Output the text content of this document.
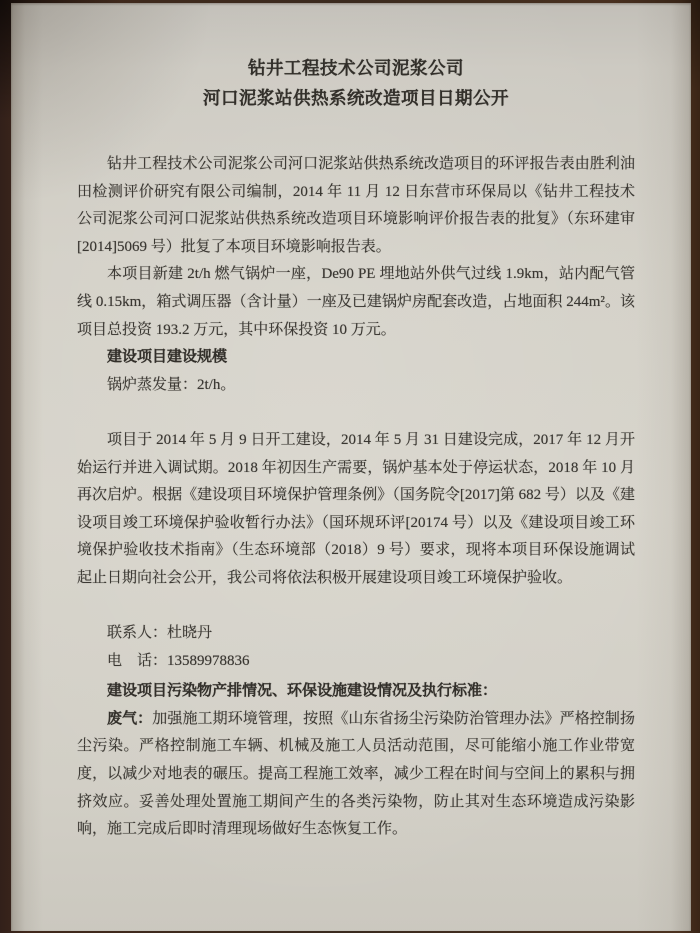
钻井工程技术公司泥浆公司
河口泥浆站供热系统改造项目日期公开
钻井工程技术公司泥浆公司河口泥浆站供热系统改造项目的环评报告表由胜利油田检测评价研究有限公司编制，2014 年 11 月 12 日东营市环保局以《钻井工程技术公司泥浆公司河口泥浆站供热系统改造项目环境影响评价报告表的批复》（东环建审[2014]5069 号）批复了本项目环境影响报告表。
本项目新建 2t/h 燃气锅炉一座，De90 PE 埋地站外供气过线 1.9km，站内配气管线 0.15km，箱式调压器（含计量）一座及已建锅炉房配套改造，占地面积 244m²。该项目总投资 193.2 万元，其中环保投资 10 万元。
建设项目建设规模
锅炉蒸发量：2t/h。
项目于 2014 年 5 月 9 日开工建设，2014 年 5 月 31 日建设完成，2017 年 12 月开始运行并进入调试期。2018 年初因生产需要，锅炉基本处于停运状态，2018 年 10 月再次启炉。根据《建设项目环境保护管理条例》（国务院令[2017]第 682 号）以及《建设项目竣工环境保护验收暂行办法》（国环规环评[20174 号）以及《建设项目竣工环境保护验收技术指南》（生态环境部（2018）9 号）要求，现将本项目环保设施调试起止日期向社会公开，我公司将依法积极开展建设项目竣工环境保护验收。
联系人：杜晓丹
电　话：13589978836
建设项目污染物产排情况、环保设施建设情况及执行标准：
废气：加强施工期环境管理，按照《山东省扬尘污染防治管理办法》严格控制扬尘污染。严格控制施工车辆、机械及施工人员活动范围，尽可能缩小施工作业带宽度，以减少对地表的碾压。提高工程施工效率，减少工程在时间与空间上的累积与拥挤效应。妥善处理处置施工期间产生的各类污染物，防止其对生态环境造成污染影响，施工完成后即时清理现场做好生态恢复工作。
